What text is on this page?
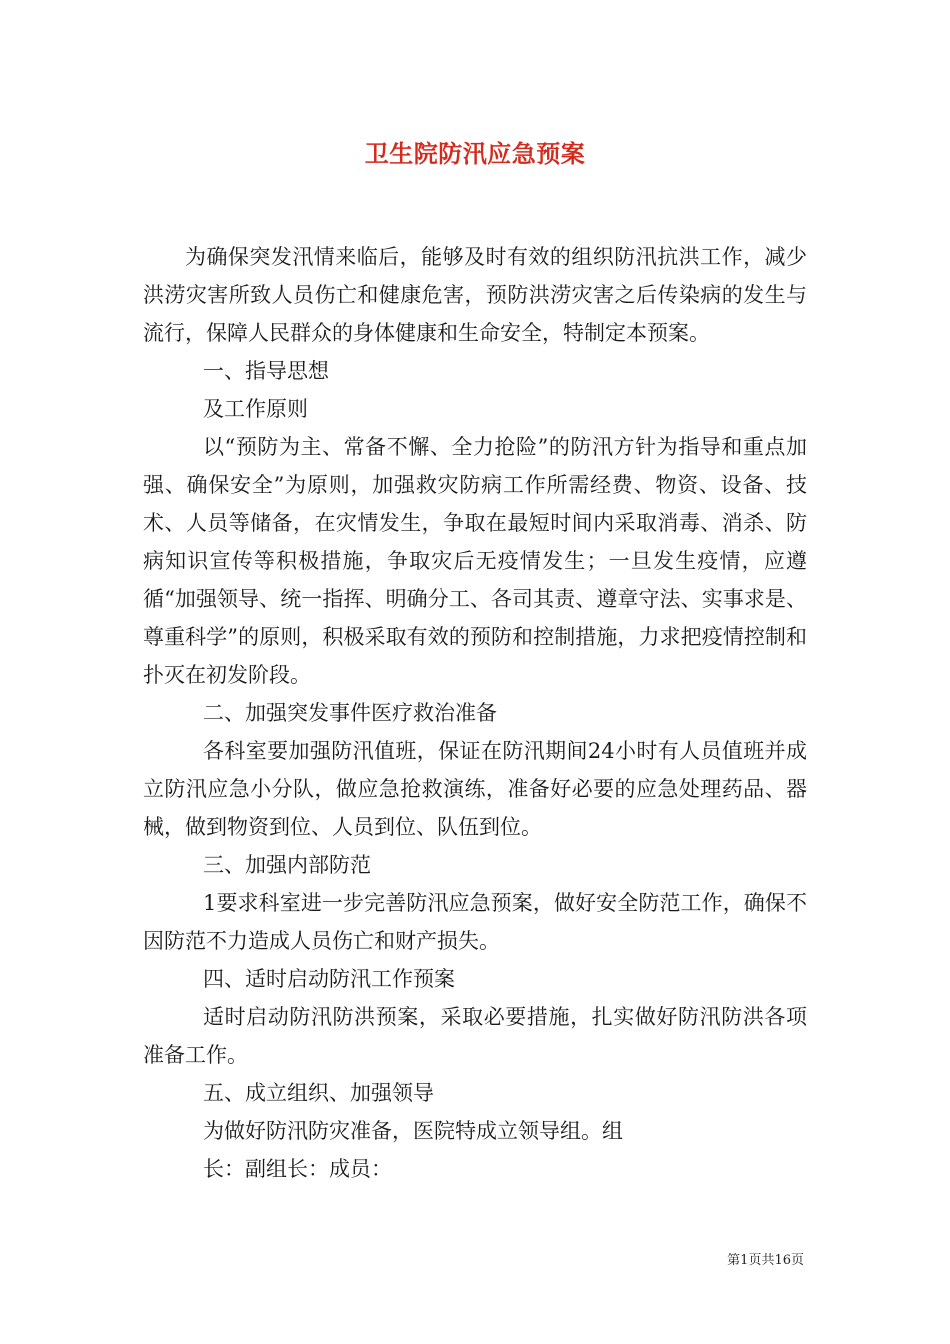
卫生院防汛应急预案

为确保突发汛情来临后，能够及时有效的组织防汛抗洪工作，减少洪涝灾害所致人员伤亡和健康危害，预防洪涝灾害之后传染病的发生与流行，保障人民群众的身体健康和生命安全，特制定本预案。

一、指导思想

及工作原则

以“预防为主、常备不懈、全力抢险”的防汛方针为指导和重点加强、确保安全”为原则，加强救灾防病工作所需经费、物资、设备、技术、人员等储备，在灾情发生，争取在最短时间内采取消毒、消杀、防病知识宣传等积极措施，争取灾后无疫情发生；一旦发生疫情，应遵循“加强领导、统一指挥、明确分工、各司其责、遵章守法、实事求是、尊重科学”的原则，积极采取有效的预防和控制措施，力求把疫情控制和扑灭在初发阶段。

二、加强突发事件医疗救治准备

各科室要加强防汛值班，保证在防汛期间24小时有人员值班并成立防汛应急小分队，做应急抢救演练，准备好必要的应急处理药品、器械，做到物资到位、人员到位、队伍到位。

三、加强内部防范

1要求科室进一步完善防汛应急预案，做好安全防范工作，确保不因防范不力造成人员伤亡和财产损失。

四、适时启动防汛工作预案

适时启动防汛防洪预案，采取必要措施，扎实做好防汛防洪各项准备工作。

五、成立组织、加强领导

为做好防汛防灾准备，医院特成立领导组。组

长：副组长：成员：

第1页共16页
